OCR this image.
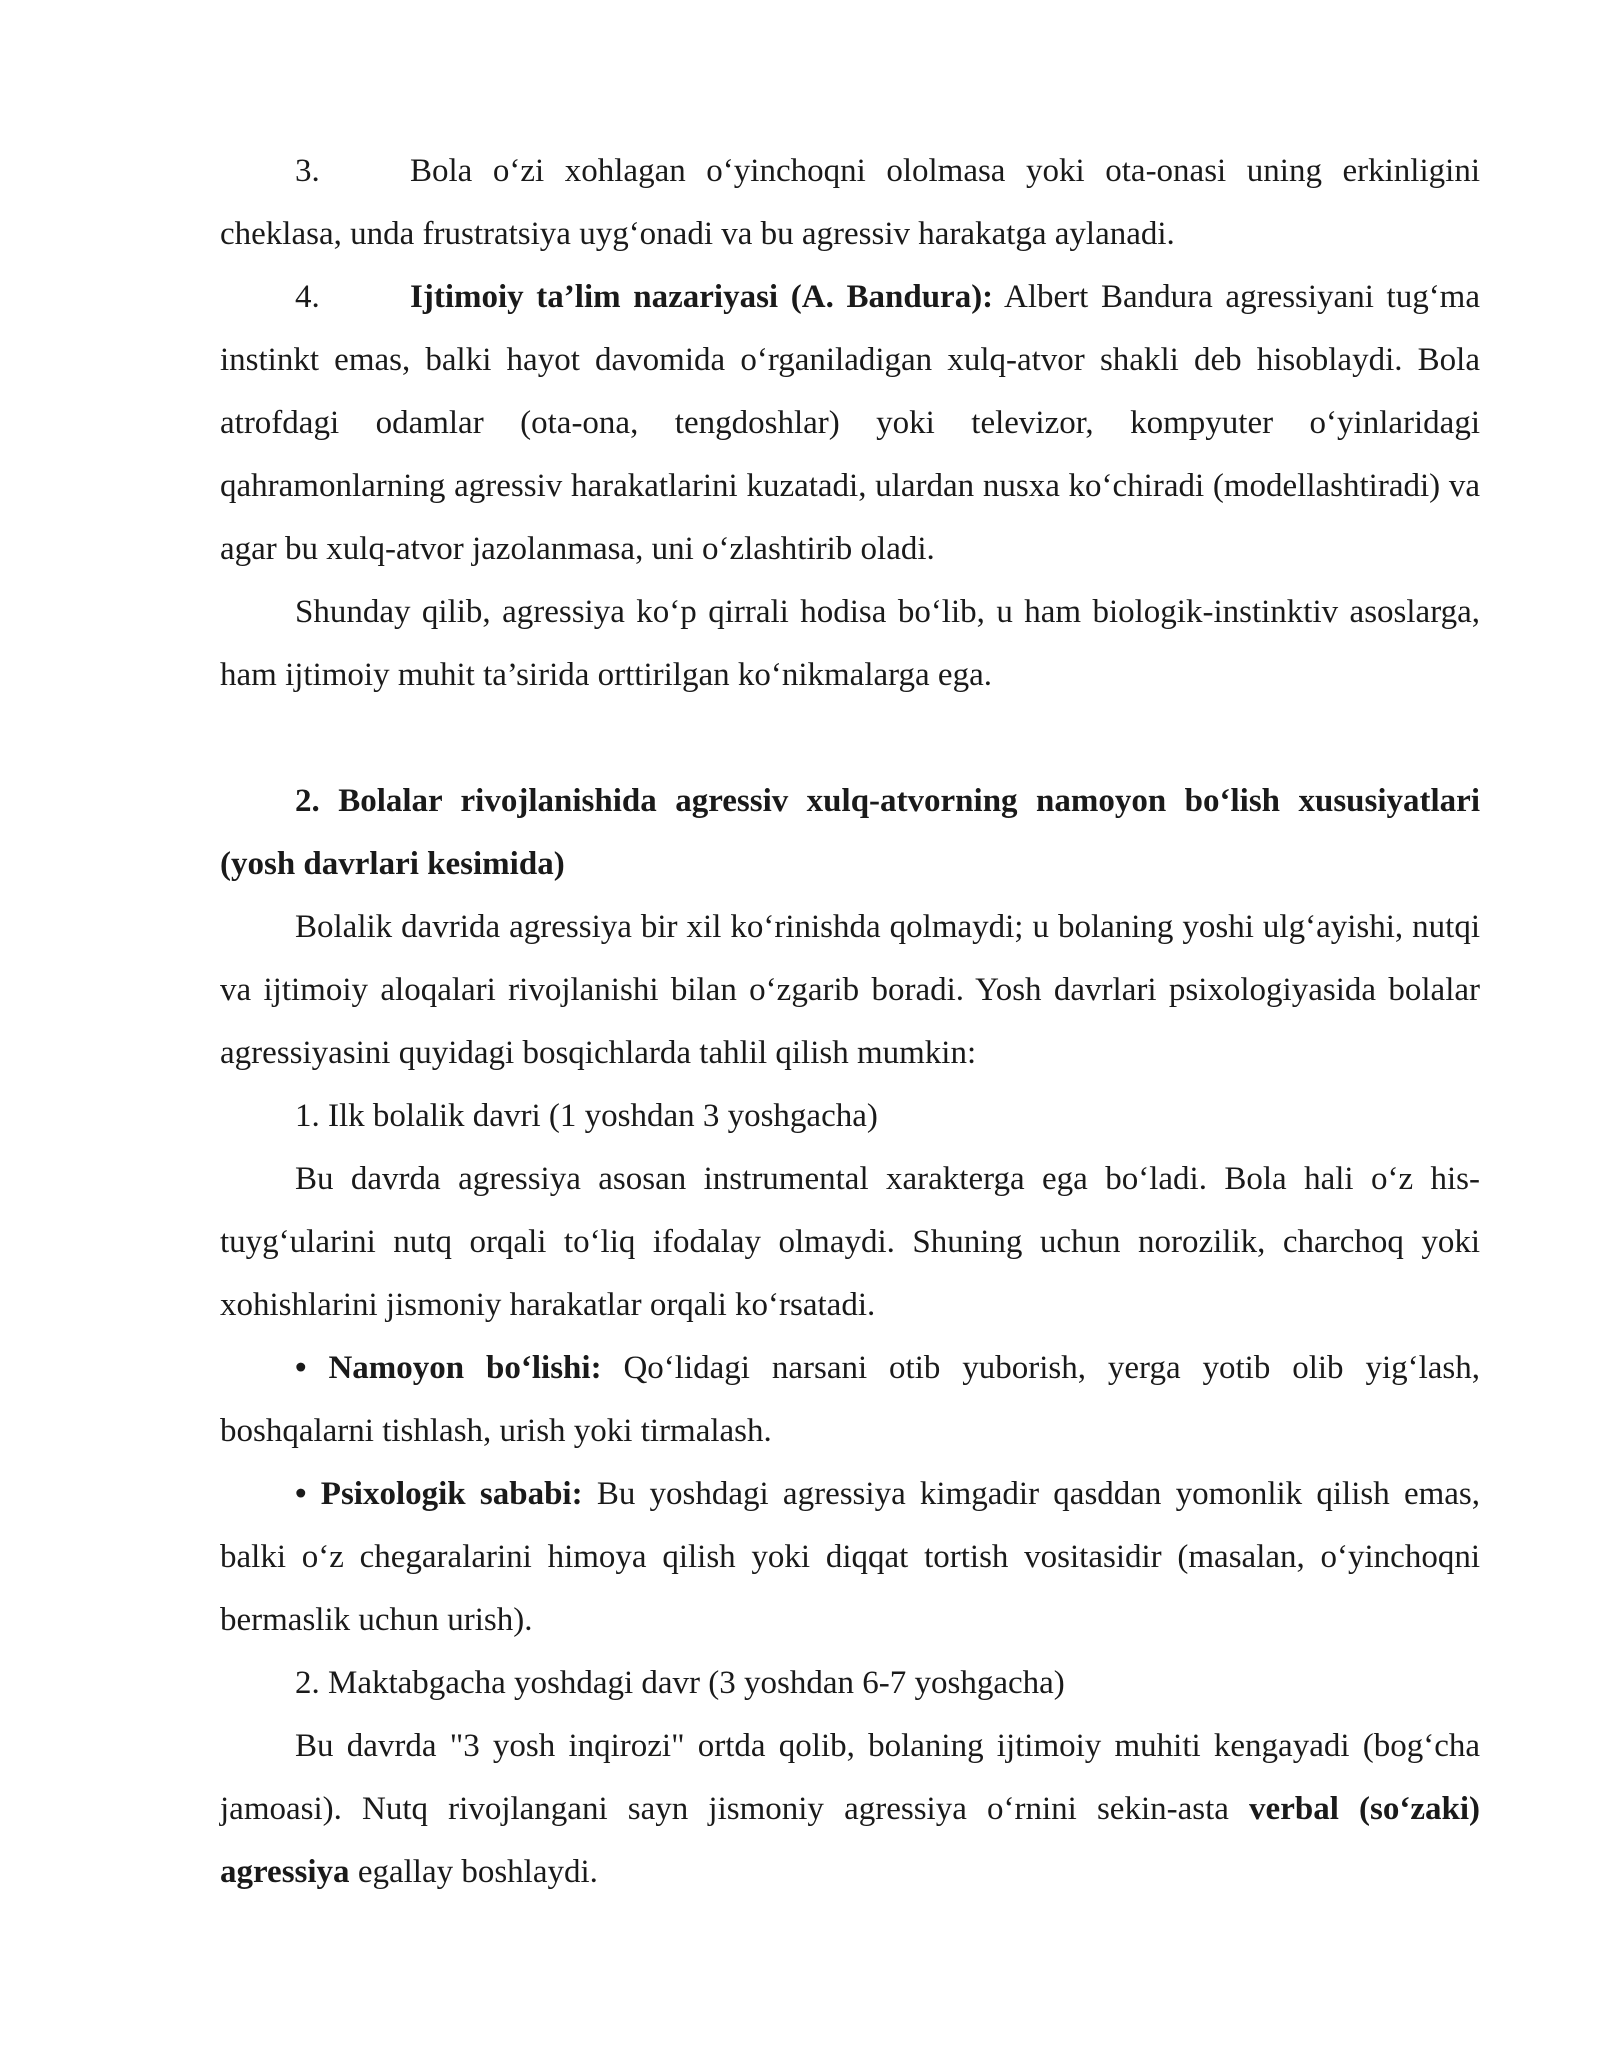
3.	Bola o‘zi xohlagan o‘yinchoqni ololmasa yoki ota-onasi uning erkinligini cheklasa, unda frustratsiya uyg‘onadi va bu agressiv harakatga aylanadi.

4.	Ijtimoiy ta’lim nazariyasi (A. Bandura): Albert Bandura agressiyani tug‘ma instinkt emas, balki hayot davomida o‘rganiladigan xulq-atvor shakli deb hisoblaydi. Bola atrofdagi odamlar (ota-ona, tengdoshlar) yoki televizor, kompyuter o‘yinlaridagi qahramonlarning agressiv harakatlarini kuzatadi, ulardan nusxa ko‘chiradi (modellashtiradi) va agar bu xulq-atvor jazolanmasa, uni o‘zlashtirib oladi.

Shunday qilib, agressiya ko‘p qirrali hodisa bo‘lib, u ham biologik-instinktiv asoslarga, ham ijtimoiy muhit ta’sirida orttirilgan ko‘nikmalarga ega.

2. Bolalar rivojlanishida agressiv xulq-atvorning namoyon bo‘lish xususiyatlari (yosh davrlari kesimida)

Bolalik davrida agressiya bir xil ko‘rinishda qolmaydi; u bolaning yoshi ulg‘ayishi, nutqi va ijtimoiy aloqalari rivojlanishi bilan o‘zgarib boradi. Yosh davrlari psixologiyasida bolalar agressiyasini quyidagi bosqichlarda tahlil qilish mumkin:

1. Ilk bolalik davri (1 yoshdan 3 yoshgacha)

Bu davrda agressiya asosan instrumental xarakterga ega bo‘ladi. Bola hali o‘z his-tuyg‘ularini nutq orqali to‘liq ifodalay olmaydi. Shuning uchun norozilik, charchoq yoki xohishlarini jismoniy harakatlar orqali ko‘rsatadi.

• Namoyon bo‘lishi: Qo‘lidagi narsani otib yuborish, yerga yotib olib yig‘lash, boshqalarni tishlash, urish yoki tirmalash.

• Psixologik sababi: Bu yoshdagi agressiya kimgadir qasddan yomonlik qilish emas, balki o‘z chegaralarini himoya qilish yoki diqqat tortish vositasidir (masalan, o‘yinchoqni bermaslik uchun urish).

2. Maktabgacha yoshdagi davr (3 yoshdan 6-7 yoshgacha)

Bu davrda "3 yosh inqirozi" ortda qolib, bolaning ijtimoiy muhiti kengayadi (bog‘cha jamoasi). Nutq rivojlangani sayn jismoniy agressiya o‘rnini sekin-asta verbal (so‘zaki) agressiya egallay boshlaydi.
